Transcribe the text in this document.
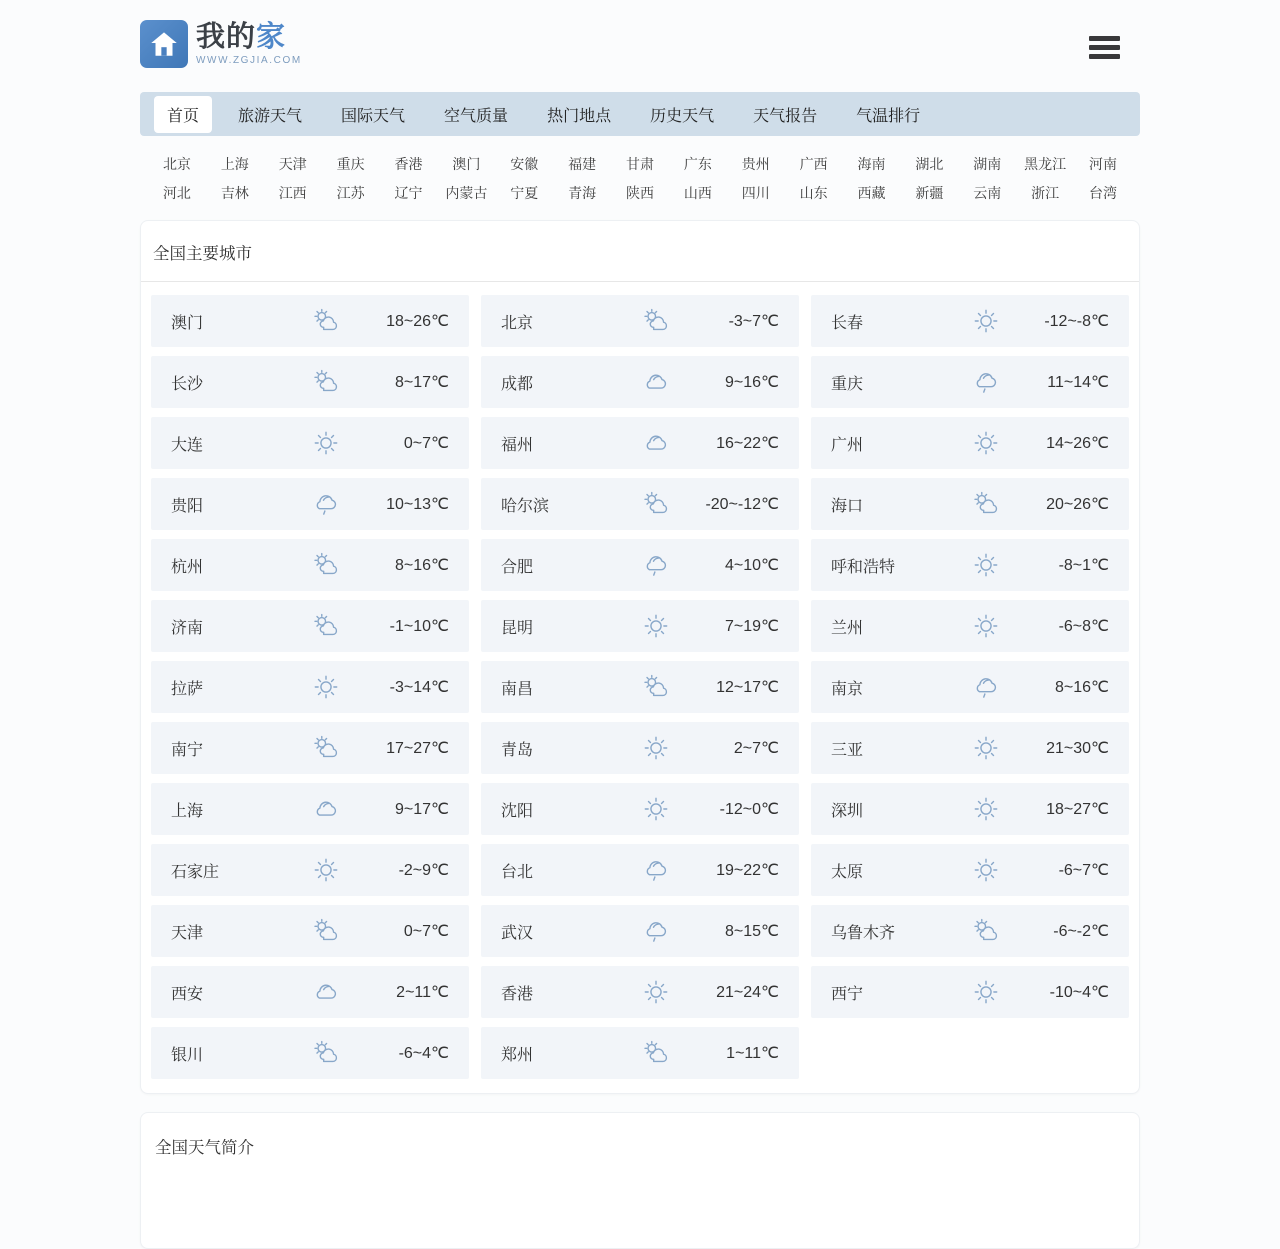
我的家
WWW.ZGJIA.COM
首页	旅游天气	国际天气	空气质量	热门地点	历史天气	天气报告	气温排行
北京	上海	天津	重庆	香港	澳门	安徽	福建	甘肃	广东	贵州	广西	海南	湖北	湖南	黑龙江	河南
河北	吉林	江西	江苏	辽宁	内蒙古	宁夏	青海	陕西	山西	四川	山东	西藏	新疆	云南	浙江	台湾
全国主要城市
澳门	18~26℃	北京	-3~7℃	长春	-12~-8℃
长沙	8~17℃	成都	9~16℃	重庆	11~14℃
大连	0~7℃	福州	16~22℃	广州	14~26℃
贵阳	10~13℃	哈尔滨	-20~-12℃	海口	20~26℃
杭州	8~16℃	合肥	4~10℃	呼和浩特	-8~1℃
济南	-1~10℃	昆明	7~19℃	兰州	-6~8℃
拉萨	-3~14℃	南昌	12~17℃	南京	8~16℃
南宁	17~27℃	青岛	2~7℃	三亚	21~30℃
上海	9~17℃	沈阳	-12~0℃	深圳	18~27℃
石家庄	-2~9℃	台北	19~22℃	太原	-6~7℃
天津	0~7℃	武汉	8~15℃	乌鲁木齐	-6~-2℃
西安	2~11℃	香港	21~24℃	西宁	-10~4℃
银川	-6~4℃	郑州	1~11℃
全国天气简介
